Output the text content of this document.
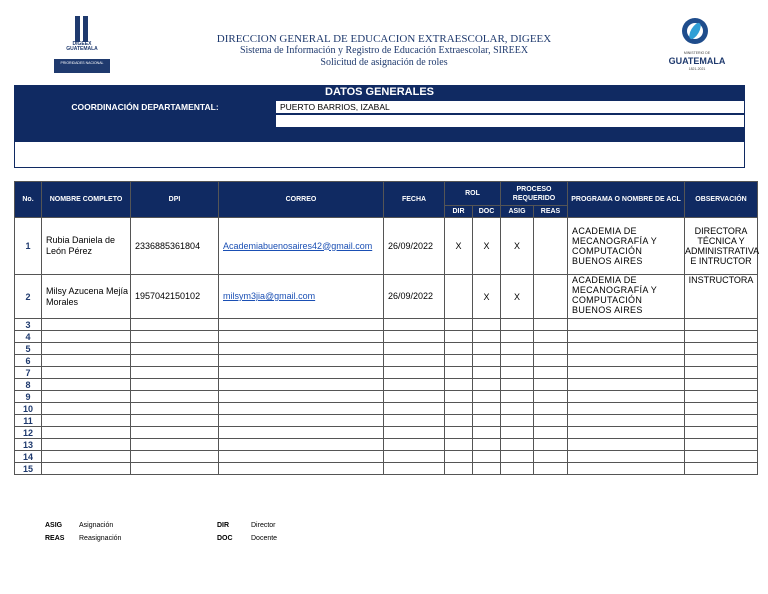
DIGEEX GUATEMALA
PRIORIDADES NACIONAL
DIRECCION GENERAL DE EDUCACION EXTRAESCOLAR, DIGEEX
Sistema de Información y Registro de Educación Extraescolar, SIREEX
Solicitud de asignación de roles
MINISTERIO DE
GUATEMALA
1821-2021
DATOS GENERALES
COORDINACIÓN DEPARTAMENTAL:	PUERTO BARRIOS, IZABAL
No.	NOMBRE COMPLETO	DPI	CORREO	FECHA	ROL		PROCESO REQUERIDO		PROGRAMA O NOMBRE DE ACL	OBSERVACIÓN
					DIR	DOC	ASIG	REAS		
1	Rubia Daniela de León Pérez	2336885361804	Academiabuenosaires42@gmail.com	26/09/2022	X	X	X		ACADEMIA DE MECANOGRAFÍA Y COMPUTACIÓN BUENOS AIRES	DIRECTORA TÉCNICA Y ADMINISTRATIVA E INTRUCTOR
2	Milsy Azucena Mejía Morales	1957042150102	milsym3jia@gmail.com	26/09/2022		X	X		ACADEMIA DE MECANOGRAFÍA Y COMPUTACIÓN BUENOS AIRES	INSTRUCTORA
3										
4										
5										
6										
7										
8										
9										
10										
11										
12										
13										
14										
15										
ASIG Asignación
REAS Reasignación
DIR	Director
DOC	Docente
